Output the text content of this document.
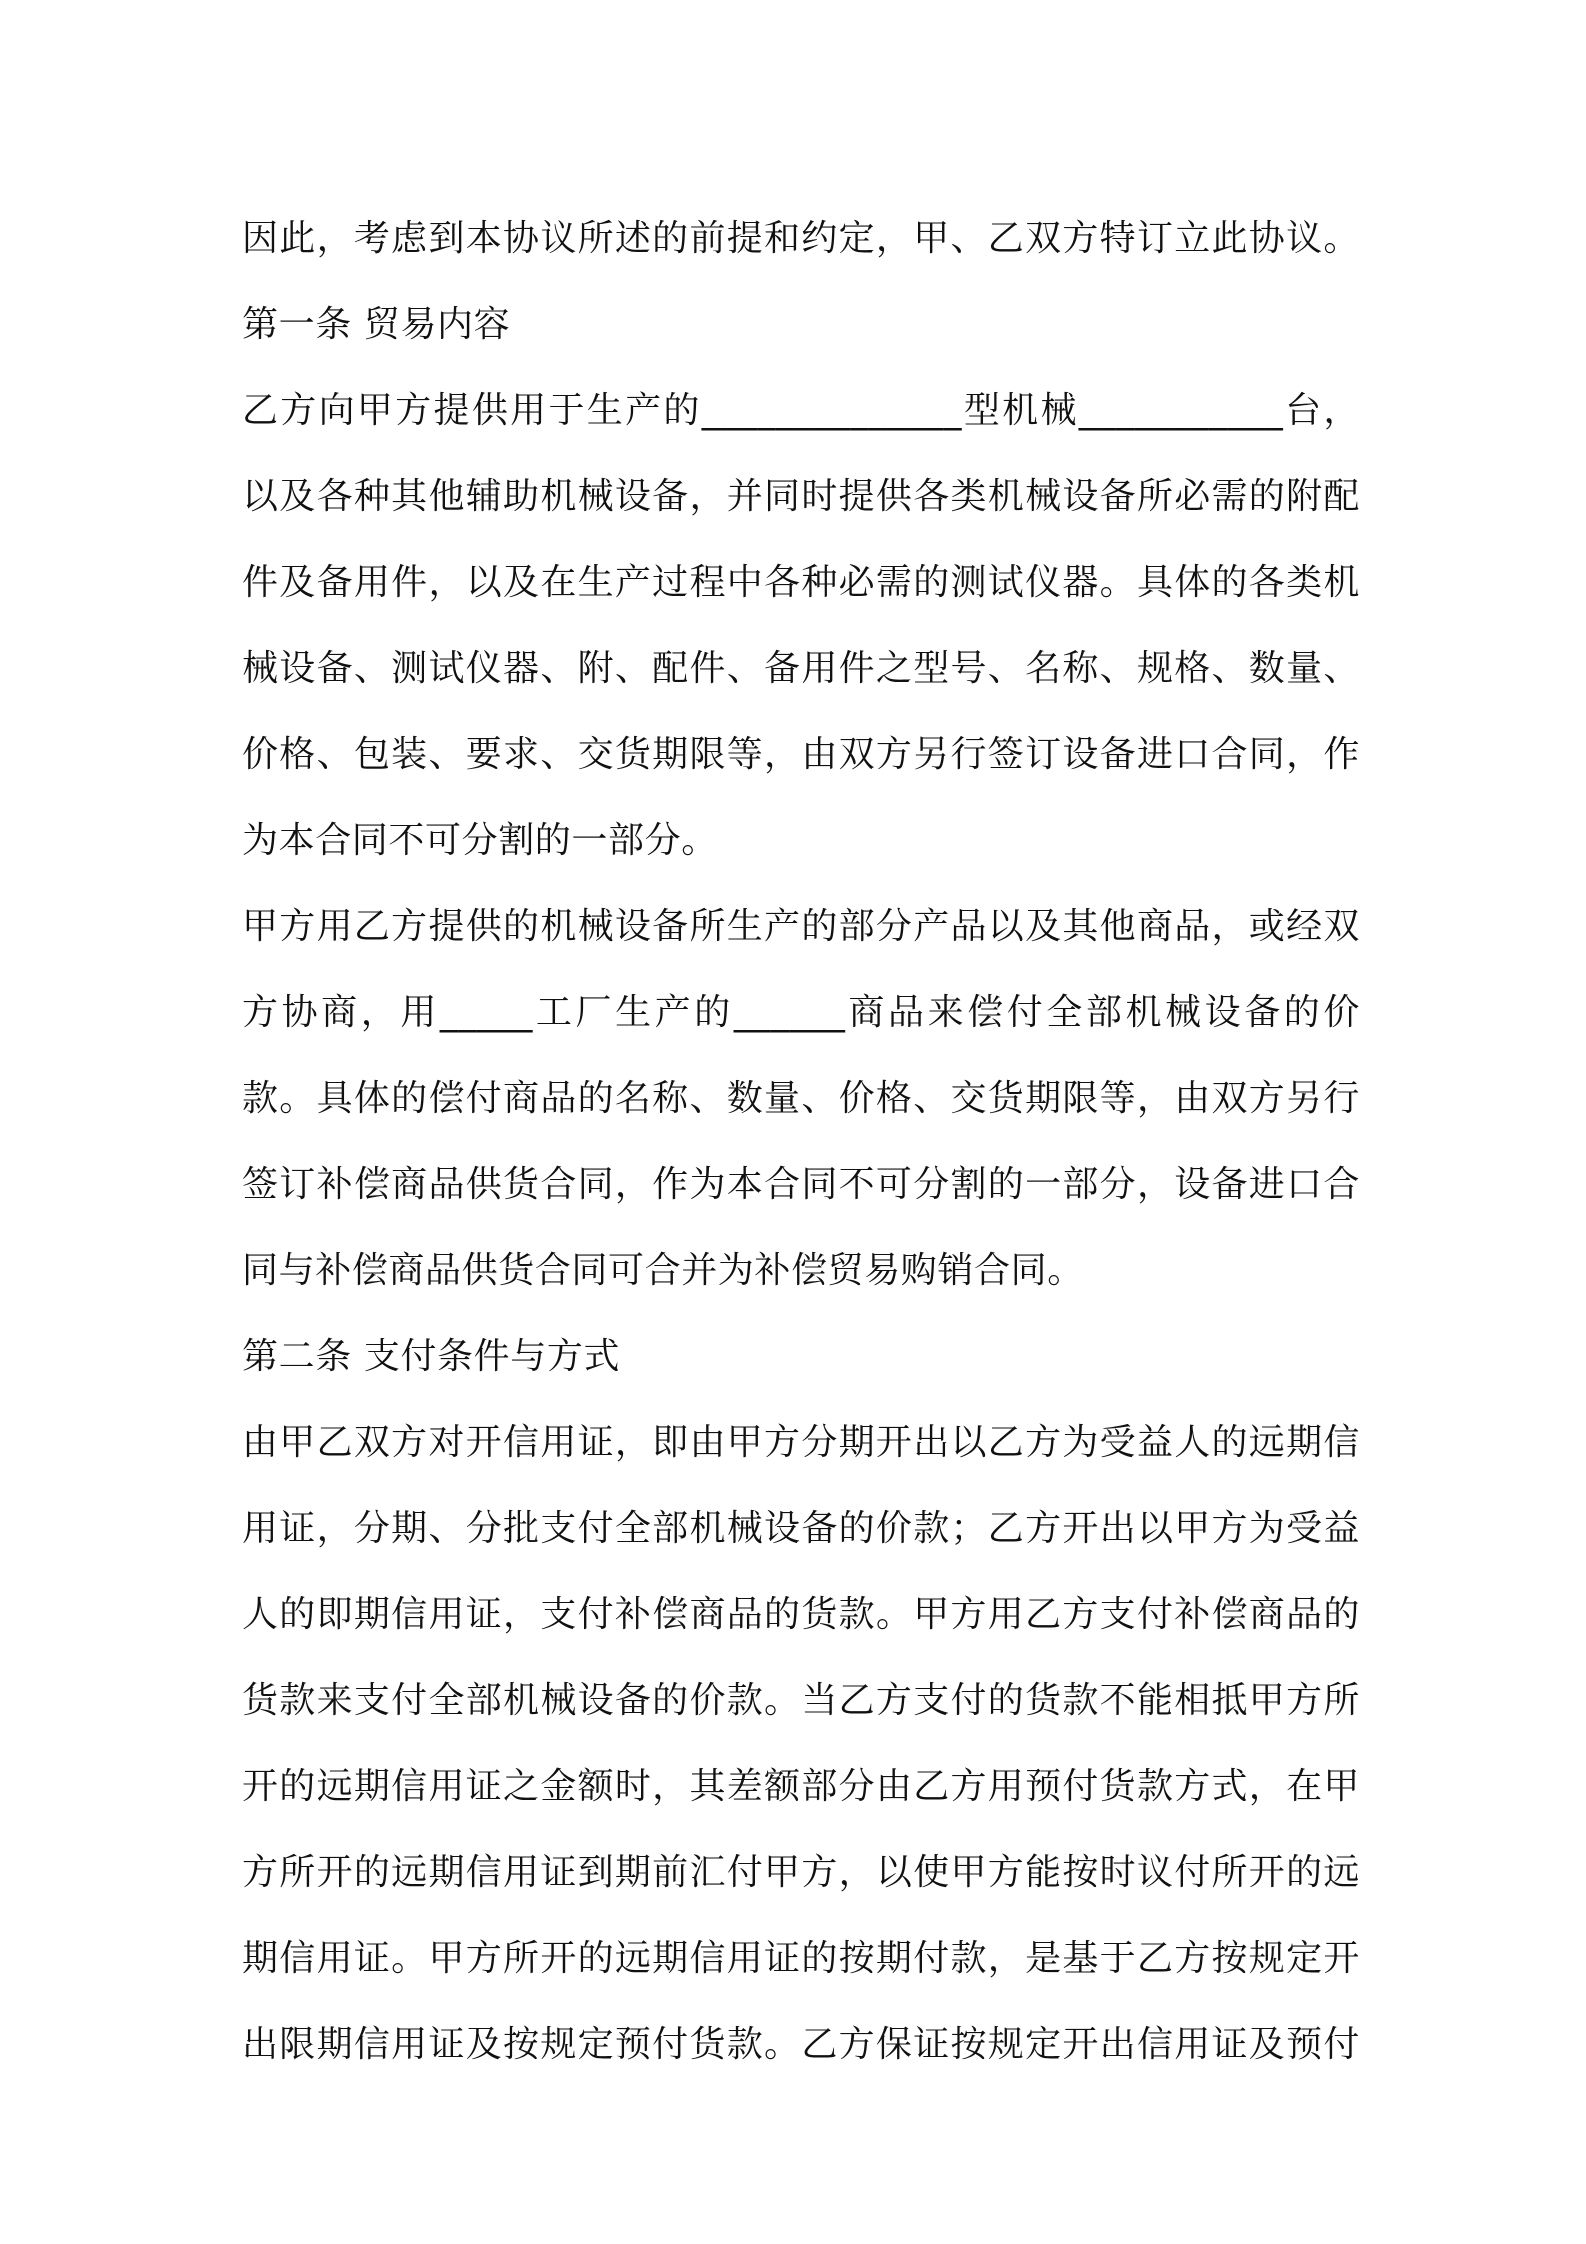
因此，考虑到本协议所述的前提和约定，甲、乙双方特订立此协议。
第一条 贸易内容
乙方向甲方提供用于生产的______________型机械___________台，
以及各种其他辅助机械设备，并同时提供各类机械设备所必需的附配
件及备用件，以及在生产过程中各种必需的测试仪器。具体的各类机
械设备、测试仪器、附、配件、备用件之型号、名称、规格、数量、
价格、包装、要求、交货期限等，由双方另行签订设备进口合同，作
为本合同不可分割的一部分。
甲方用乙方提供的机械设备所生产的部分产品以及其他商品，或经双
方协商，用_____工厂生产的______商品来偿付全部机械设备的价
款。具体的偿付商品的名称、数量、价格、交货期限等，由双方另行
签订补偿商品供货合同，作为本合同不可分割的一部分，设备进口合
同与补偿商品供货合同可合并为补偿贸易购销合同。
第二条 支付条件与方式
由甲乙双方对开信用证，即由甲方分期开出以乙方为受益人的远期信
用证，分期、分批支付全部机械设备的价款；乙方开出以甲方为受益
人的即期信用证，支付补偿商品的货款。甲方用乙方支付补偿商品的
货款来支付全部机械设备的价款。当乙方支付的货款不能相抵甲方所
开的远期信用证之金额时，其差额部分由乙方用预付货款方式，在甲
方所开的远期信用证到期前汇付甲方，以使甲方能按时议付所开的远
期信用证。甲方所开的远期信用证的按期付款，是基于乙方按规定开
出限期信用证及按规定预付货款。乙方保证按规定开出信用证及预付
